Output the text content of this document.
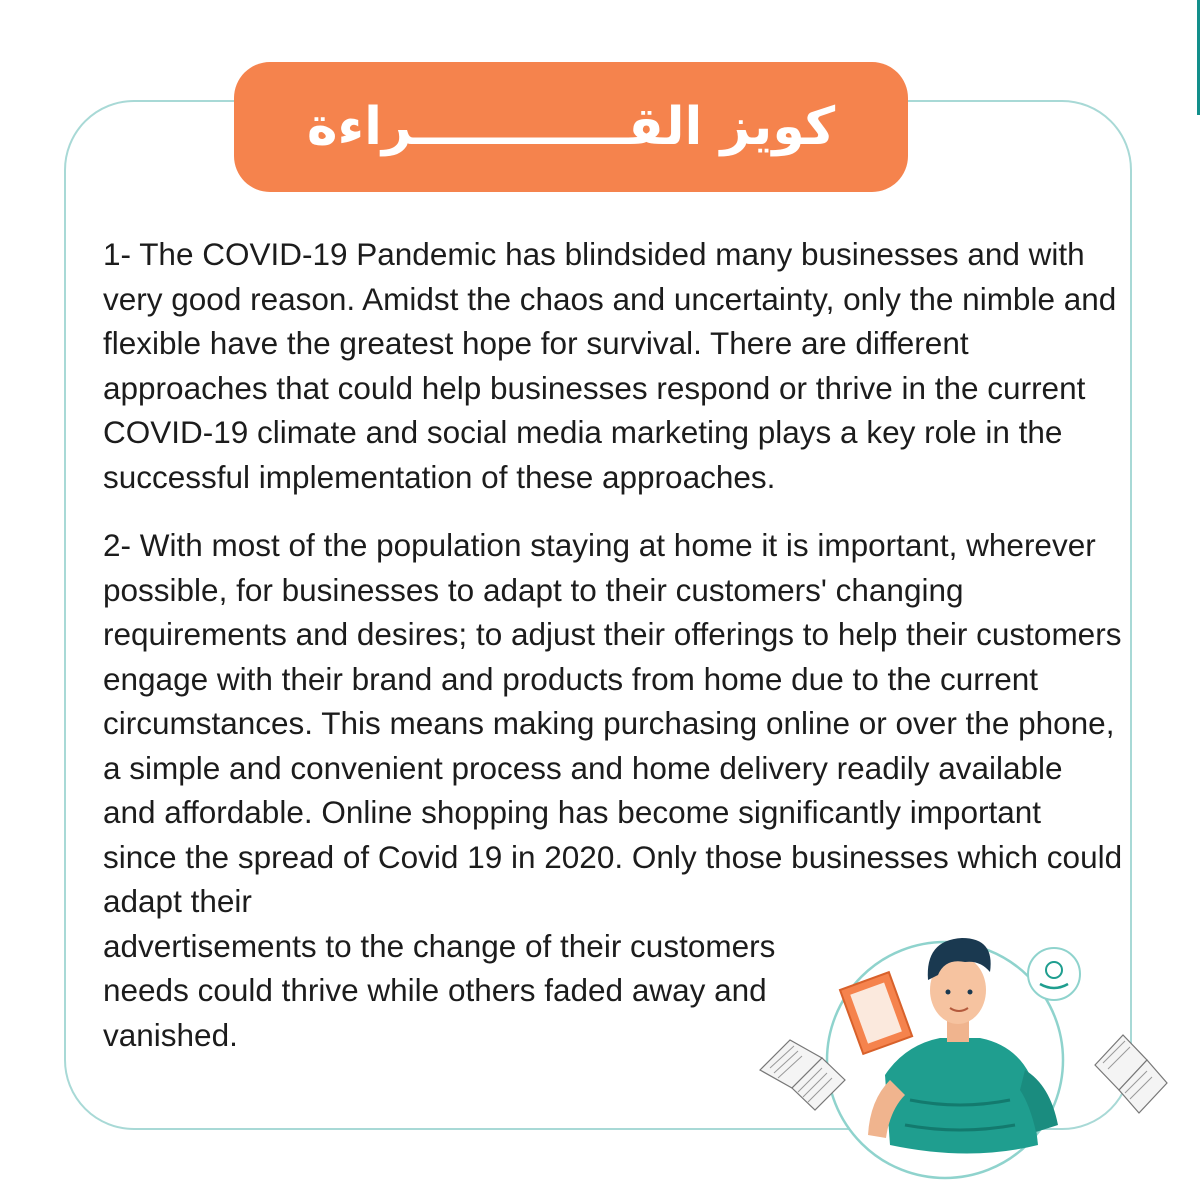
كويز القــــــــــــراءة

1- The COVID-19 Pandemic has blindsided many businesses and with very good reason. Amidst the chaos and uncertainty, only the nimble and flexible have the greatest hope for survival. There are different approaches that could help businesses respond or thrive in the current COVID-19 climate and social media marketing plays a key role in the successful implementation of these approaches.

2- With most of the population staying at home it is important, wherever possible, for businesses to adapt to their customers' changing requirements and desires; to adjust their offerings to help their customers engage with their brand and products from home due to the current circumstances. This means making purchasing online or over the phone, a simple and convenient process and home delivery readily available and affordable. Online shopping has become significantly important since the spread of Covid 19 in 2020. Only those businesses which could adapt their
advertisements to the change of their customers needs could thrive while others faded away and vanished.
